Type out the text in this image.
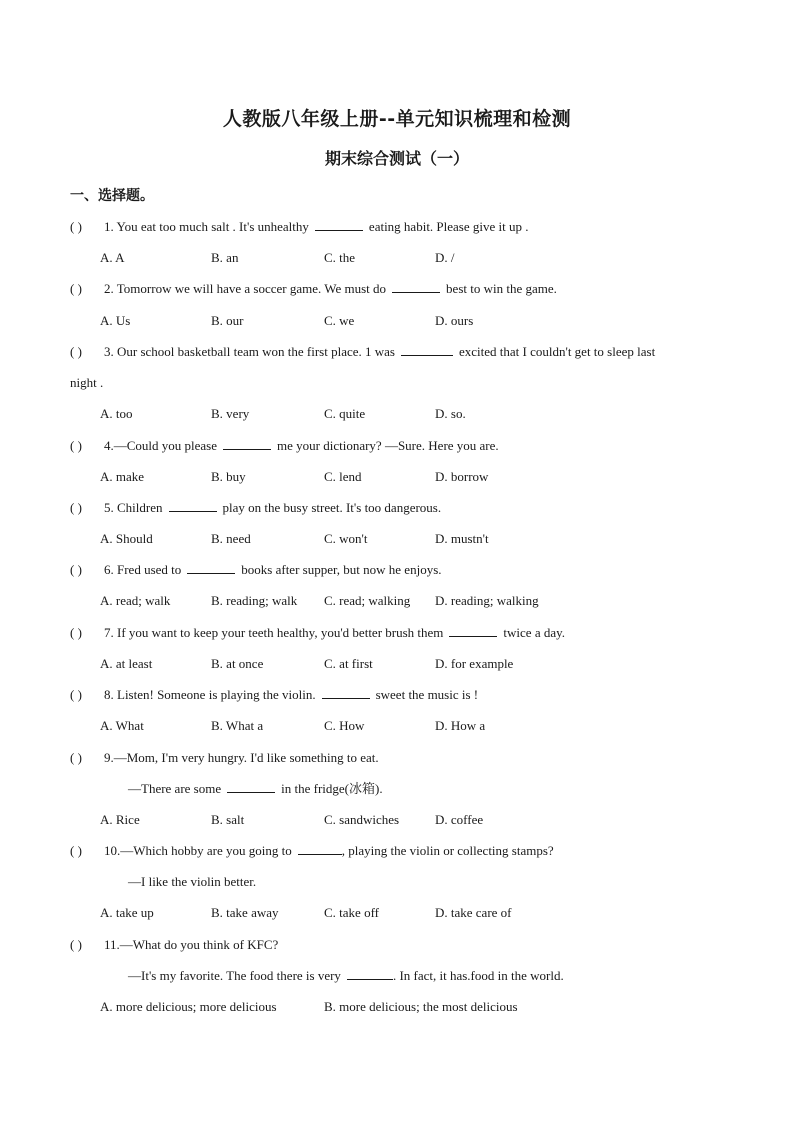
人教版八年级上册--单元知识梳理和检测
期末综合测试（一）
一、选择题。
( ) 1. You eat too much salt . It's unhealthy	eating habit. Please give it up .
A. A	B. an	C. the	D. /
( ) 2. Tomorrow we will have a soccer game. We must do	best to win the game.
A. Us	B. our	C. we	D. ours
( ) 3. Our school basketball team won the first place. 1 was	excited that I couldn't get to sleep last
night .
A. too	B. very	C. quite	D. so.
( ) 4.—Could you please	me your dictionary? —Sure. Here you are.
A. make	B. buy	C. lend	D. borrow
( ) 5. Children	play on the busy street. It's too dangerous.
A. Should	B. need	C. won't	D. mustn't
( ) 6. Fred used to	books after supper, but now he enjoys.
A. read; walk	B. reading; walk C. read; walking D. reading; walking
( ) 7. If you want to keep your teeth healthy, you'd better brush them	twice a day.
A. at least	B. at once	C. at first	D. for example
( ) 8. Listen! Someone is playing the violin.	sweet the music is !
A. What	B. What a	C. How	D. How a
( ) 9.—Mom, I'm very hungry. I'd like something to eat.
—There are some	in the fridge(冰箱).
A. Rice	B. salt	C. sandwiches	D. coffee
( ) 10.—Which hobby are you going to	, playing the violin or collecting stamps?
—I like the violin better.
A. take up	B. take away	C. take off	D. take care of
( ) 11.—What do you think of KFC?
—It's my favorite. The food there is very	. In fact, it has.food in the world.
A. more delicious; more delicious	B. more delicious; the most delicious
